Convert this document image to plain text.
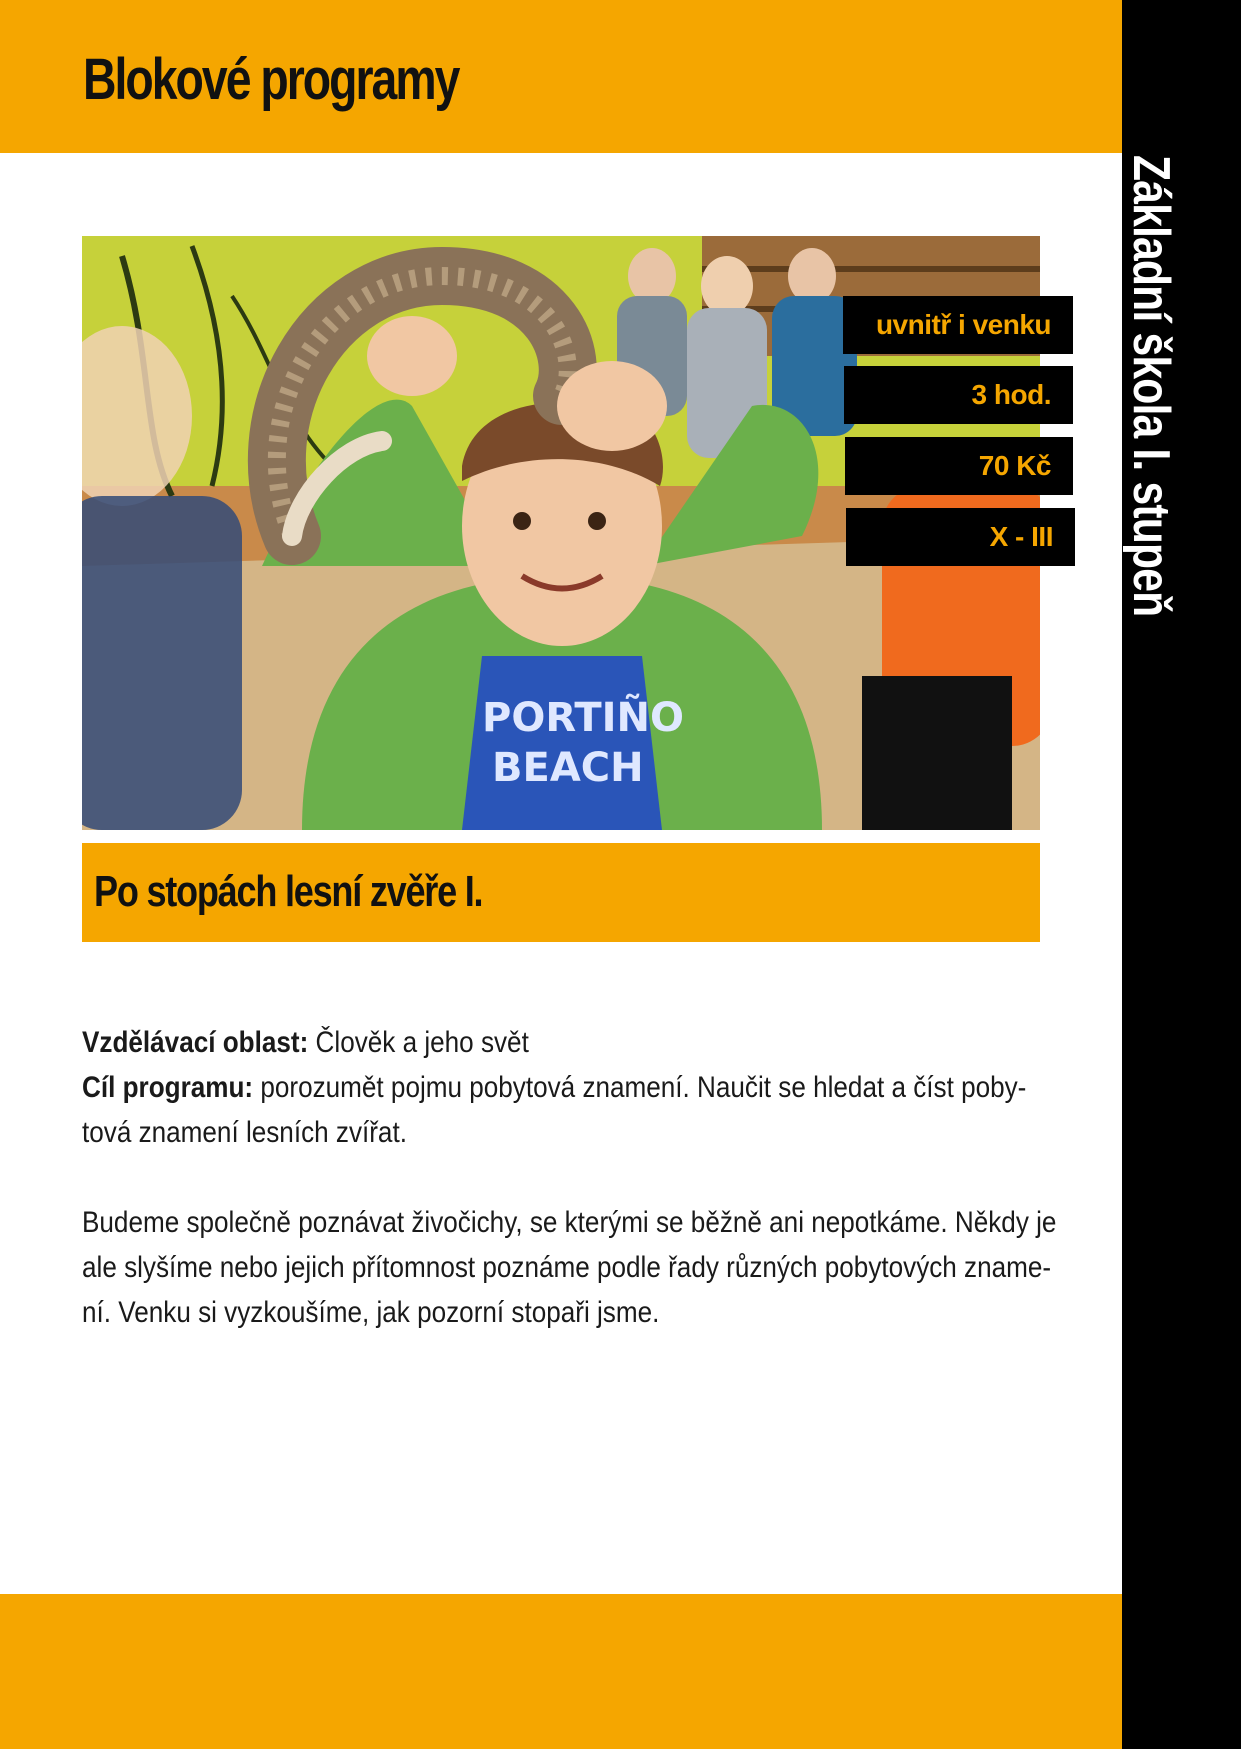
Blokové programy
Základní škola I. stupeň
PORTIÑO
BEACH
uvnitř i venku
3 hod.
70 Kč
X - III
Po stopách lesní zvěře I.

Vzdělávací oblast: Člověk a jeho svět
Cíl programu: porozumět pojmu pobytová znamení. Naučit se hledat a číst poby-
tová znamení lesních zvířat.

Budeme společně poznávat živočichy, se kterými se běžně ani nepotkáme. Někdy je
ale slyšíme nebo jejich přítomnost poznáme podle řady různých pobytových zname-
ní. Venku si vyzkoušíme, jak pozorní stopaři jsme.
